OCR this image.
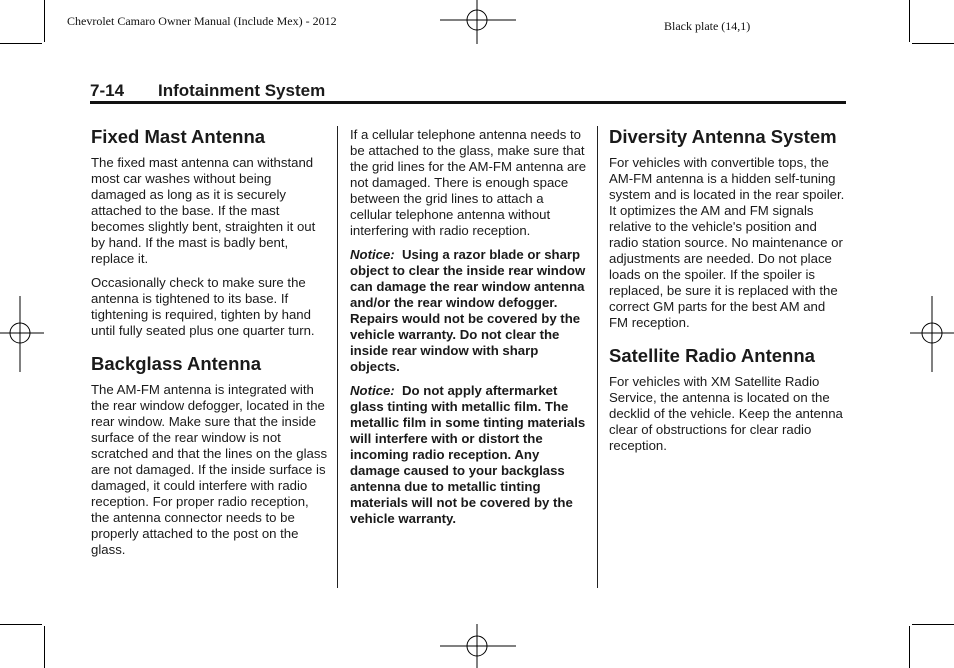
Chevrolet Camaro Owner Manual (Include Mex) - 2012	Black plate (14,1)
7-14 Infotainment System
Fixed Mast Antenna

The fixed mast antenna can withstand most car washes without being damaged as long as it is securely attached to the base. If the mast becomes slightly bent, straighten it out by hand. If the mast is badly bent, replace it.

Occasionally check to make sure the antenna is tightened to its base. If tightening is required, tighten by hand until fully seated plus one quarter turn.

Backglass Antenna

The AM-FM antenna is integrated with the rear window defogger, located in the rear window. Make sure that the inside surface of the rear window is not scratched and that the lines on the glass are not damaged. If the inside surface is damaged, it could interfere with radio reception. For proper radio reception, the antenna connector needs to be properly attached to the post on the glass.

If a cellular telephone antenna needs to be attached to the glass, make sure that the grid lines for the AM-FM antenna are not damaged. There is enough space between the grid lines to attach a cellular telephone antenna without interfering with radio reception.

Notice: Using a razor blade or sharp object to clear the inside rear window can damage the rear window antenna and/or the rear window defogger. Repairs would not be covered by the vehicle warranty. Do not clear the inside rear window with sharp objects.

Notice: Do not apply aftermarket glass tinting with metallic film. The metallic film in some tinting materials will interfere with or distort the incoming radio reception. Any damage caused to your backglass antenna due to metallic tinting materials will not be covered by the vehicle warranty.

Diversity Antenna System

For vehicles with convertible tops, the AM-FM antenna is a hidden self-tuning system and is located in the rear spoiler. It optimizes the AM and FM signals relative to the vehicle's position and radio station source. No maintenance or adjustments are needed. Do not place loads on the spoiler. If the spoiler is replaced, be sure it is replaced with the correct GM parts for the best AM and FM reception.

Satellite Radio Antenna

For vehicles with XM Satellite Radio Service, the antenna is located on the decklid of the vehicle. Keep the antenna clear of obstructions for clear radio reception.
